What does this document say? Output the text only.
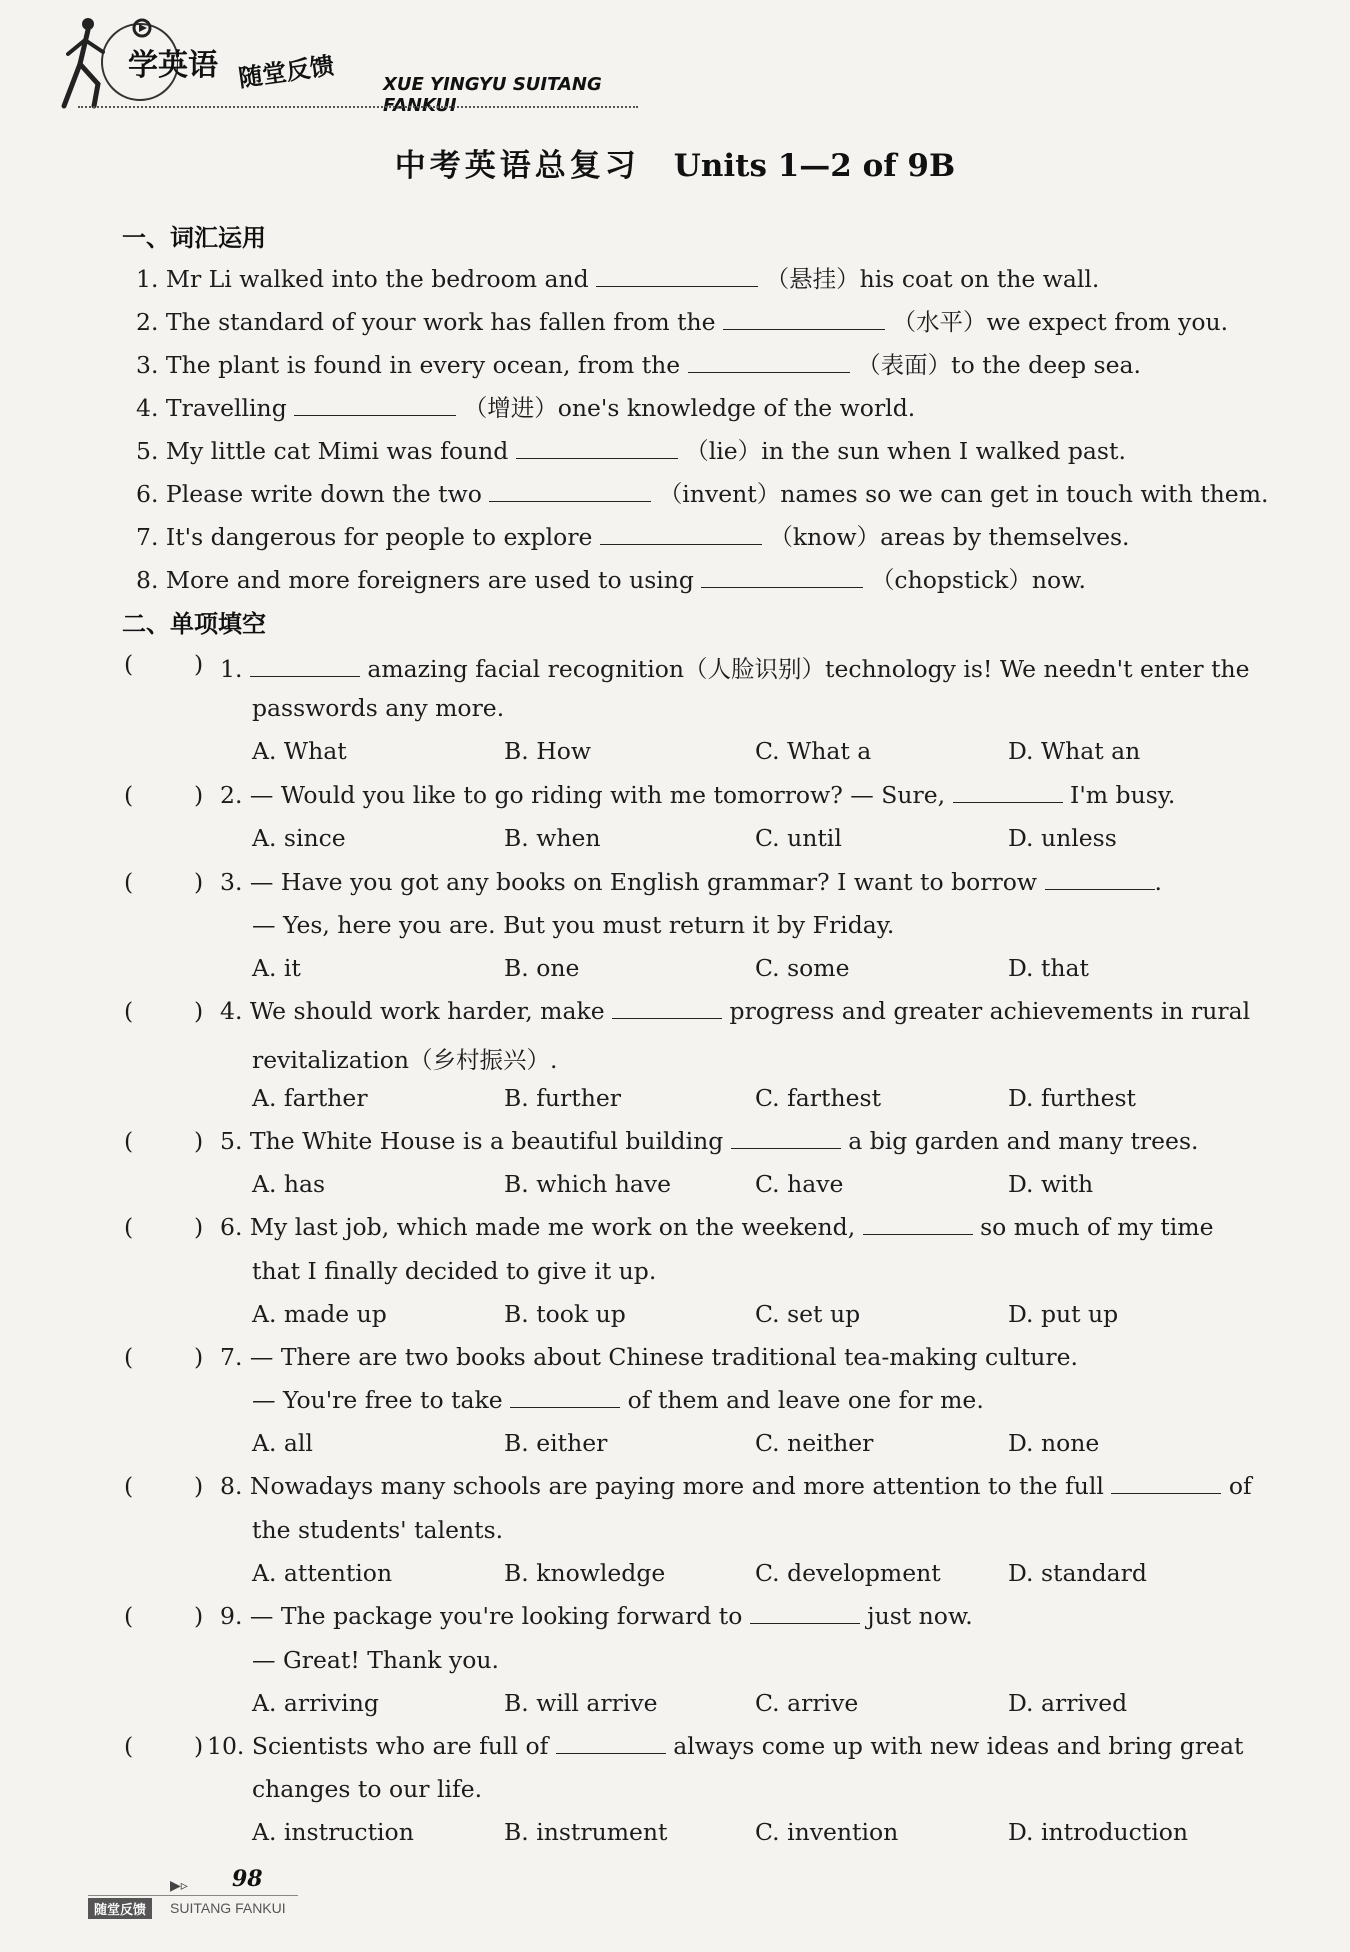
学英语 随堂反馈	XUE YINGYU SUITANG FANKUI
中考英语总复习 Units 1—2 of 9B
一、词汇运用
1. Mr Li walked into the bedroom and	（悬挂）his coat on the wall.
2. The standard of your work has fallen from the	（水平）we expect from you.
3. The plant is found in every ocean, from the	（表面）to the deep sea.
4. Travelling	（增进）one's knowledge of the world.
5. My little cat Mimi was found	（lie）in the sun when I walked past.
6. Please write down the two	（invent）names so we can get in touch with them.
7. It's dangerous for people to explore	（know）areas by themselves.
8. More and more foreigners are used to using	（chopstick）now.
二、单项填空
(	) 1.	amazing facial recognition（人脸识别）technology is! We needn't enter the
passwords any more.
A. What	B. How	C. What a	D. What an
(	) 2. — Would you like to go riding with me tomorrow? — Sure,	I'm busy.
A. since	B. when	C. until	D. unless
(	) 3. — Have you got any books on English grammar? I want to borrow	.
— Yes, here you are. But you must return it by Friday.
A. it	B. one	C. some	D. that
(	) 4. We should work harder, make	progress and greater achievements in rural
revitalization（乡村振兴）.
A. farther	B. further	C. farthest	D. furthest
(	) 5. The White House is a beautiful building	a big garden and many trees.
A. has	B. which have	C. have	D. with
(	) 6. My last job, which made me work on the weekend,	so much of my time
that I finally decided to give it up.
A. made up	B. took up	C. set up	D. put up
(	) 7. — There are two books about Chinese traditional tea-making culture.
— You're free to take	of them and leave one for me.
A. all	B. either	C. neither	D. none
(	) 8. Nowadays many schools are paying more and more attention to the full	of
the students' talents.
A. attention	B. knowledge	C. development	D. standard
(	) 9. — The package you're looking forward to	just now.
— Great! Thank you.
A. arriving	B. will arrive	C. arrive	D. arrived
(	) 10. Scientists who are full of	always come up with new ideas and bring great
changes to our life.
A. instruction	B. instrument	C. invention	D. introduction
▶▹ 98
随堂反馈	SUITANG FANKUI
